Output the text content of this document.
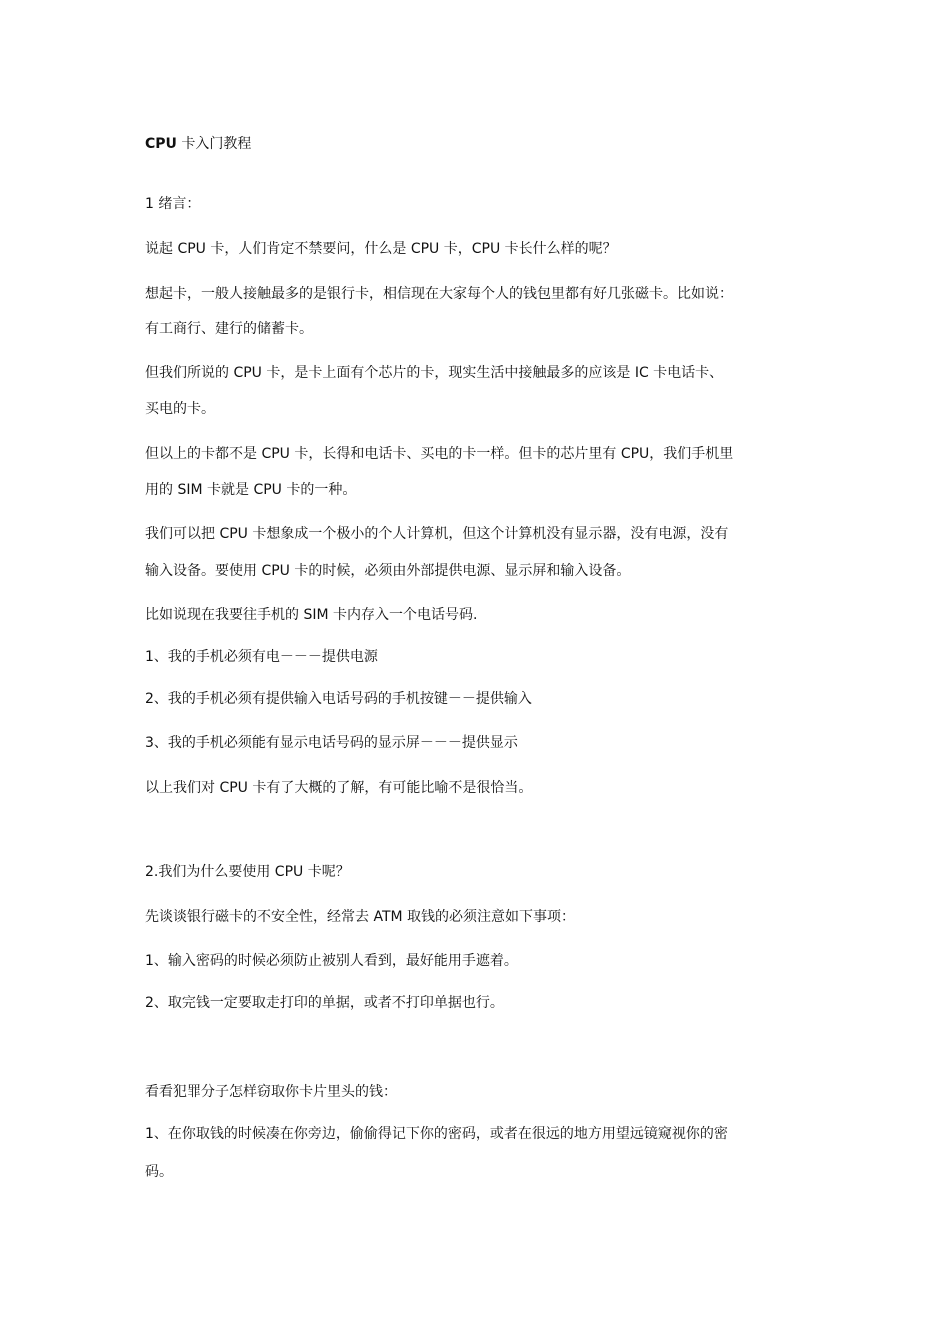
CPU 卡入门教程
1 绪言：
说起 CPU 卡，人们肯定不禁要问，什么是 CPU 卡，CPU 卡长什么样的呢？
想起卡，一般人接触最多的是银行卡，相信现在大家每个人的钱包里都有好几张磁卡。比如说：
有工商行、建行的储蓄卡。
但我们所说的 CPU 卡，是卡上面有个芯片的卡，现实生活中接触最多的应该是 IC 卡电话卡、
买电的卡。
但以上的卡都不是 CPU 卡，长得和电话卡、买电的卡一样。但卡的芯片里有 CPU，我们手机里
用的 SIM 卡就是 CPU 卡的一种。
我们可以把 CPU 卡想象成一个极小的个人计算机，但这个计算机没有显示器，没有电源，没有
输入设备。要使用 CPU 卡的时候，必须由外部提供电源、显示屏和输入设备。
比如说现在我要往手机的 SIM 卡内存入一个电话号码.
1、我的手机必须有电－－－提供电源
2、我的手机必须有提供输入电话号码的手机按键－－提供输入
3、我的手机必须能有显示电话号码的显示屏－－－提供显示
以上我们对 CPU 卡有了大概的了解，有可能比喻不是很恰当。
2.我们为什么要使用 CPU 卡呢？
先谈谈银行磁卡的不安全性，经常去 ATM 取钱的必须注意如下事项：
1、输入密码的时候必须防止被别人看到，最好能用手遮着。
2、取完钱一定要取走打印的单据，或者不打印单据也行。
看看犯罪分子怎样窃取你卡片里头的钱：
1、在你取钱的时候凑在你旁边，偷偷得记下你的密码，或者在很远的地方用望远镜窥视你的密
码。
